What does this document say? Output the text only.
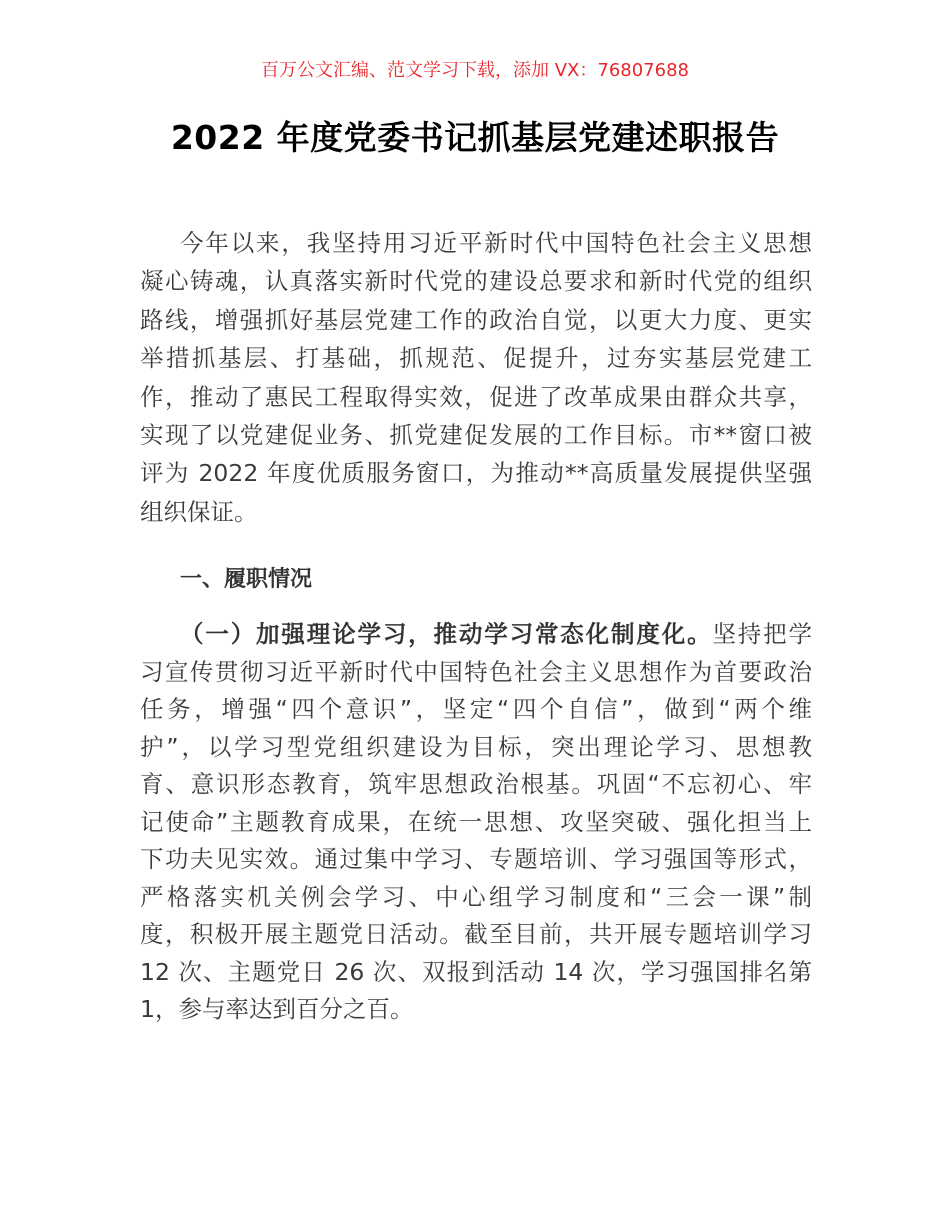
百万公文汇编、范文学习下载，添加 VX：76807688
2022 年度党委书记抓基层党建述职报告
今年以来，我坚持用习近平新时代中国特色社会主义思想
凝心铸魂，认真落实新时代党的建设总要求和新时代党的组织
路线，增强抓好基层党建工作的政治自觉，以更大力度、更实
举措抓基层、打基础，抓规范、促提升，过夯实基层党建工
作，推动了惠民工程取得实效，促进了改革成果由群众共享，
实现了以党建促业务、抓党建促发展的工作目标。市**窗口被
评为 2022 年度优质服务窗口，为推动**高质量发展提供坚强
组织保证。
一、履职情况
（一）加强理论学习，推动学习常态化制度化。坚持把学
习宣传贯彻习近平新时代中国特色社会主义思想作为首要政治
任务，增强“四个意识”，坚定“四个自信”，做到“两个维
护”，以学习型党组织建设为目标，突出理论学习、思想教
育、意识形态教育，筑牢思想政治根基。巩固“不忘初心、牢
记使命”主题教育成果，在统一思想、攻坚突破、强化担当上
下功夫见实效。通过集中学习、专题培训、学习强国等形式，
严格落实机关例会学习、中心组学习制度和“三会一课”制
度，积极开展主题党日活动。截至目前，共开展专题培训学习
12 次、主题党日 26 次、双报到活动 14 次，学习强国排名第
1，参与率达到百分之百。
